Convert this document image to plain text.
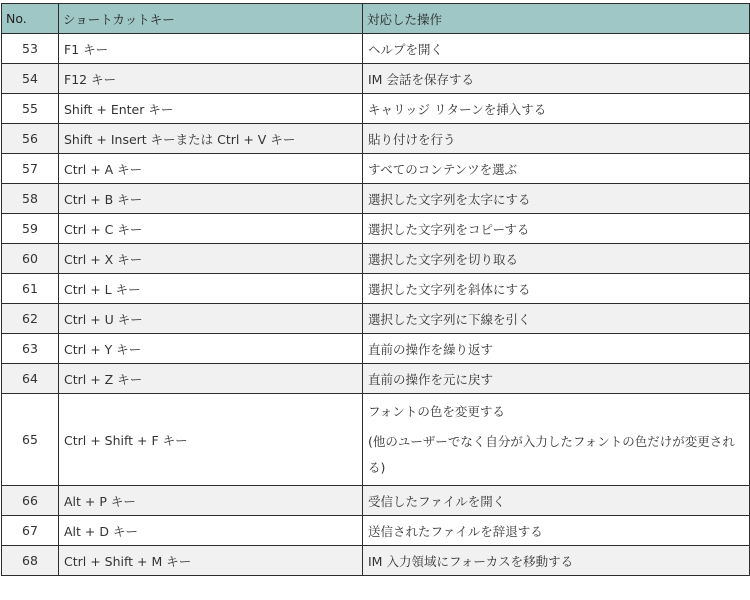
No.	ショートカットキー	対応した操作
53	F1 キー	ヘルプを開く
54	F12 キー	IM 会話を保存する
55	Shift + Enter キー	キャリッジ リターンを挿入する
56	Shift + Insert キーまたは Ctrl + V キー	貼り付けを行う
57	Ctrl + A キー	すべてのコンテンツを選ぶ
58	Ctrl + B キー	選択した文字列を太字にする
59	Ctrl + C キー	選択した文字列をコピーする
60	Ctrl + X キー	選択した文字列を切り取る
61	Ctrl + L キー	選択した文字列を斜体にする
62	Ctrl + U キー	選択した文字列に下線を引く
63	Ctrl + Y キー	直前の操作を繰り返す
64	Ctrl + Z キー	直前の操作を元に戻す
65	Ctrl + Shift + F キー	フォントの色を変更する

(他のユーザーでなく自分が入力したフォントの色だけが変更される)

66	Alt + P キー	受信したファイルを開く
67	Alt + D キー	送信されたファイルを辞退する
68	Ctrl + Shift + M キー	IM 入力領域にフォーカスを移動する
